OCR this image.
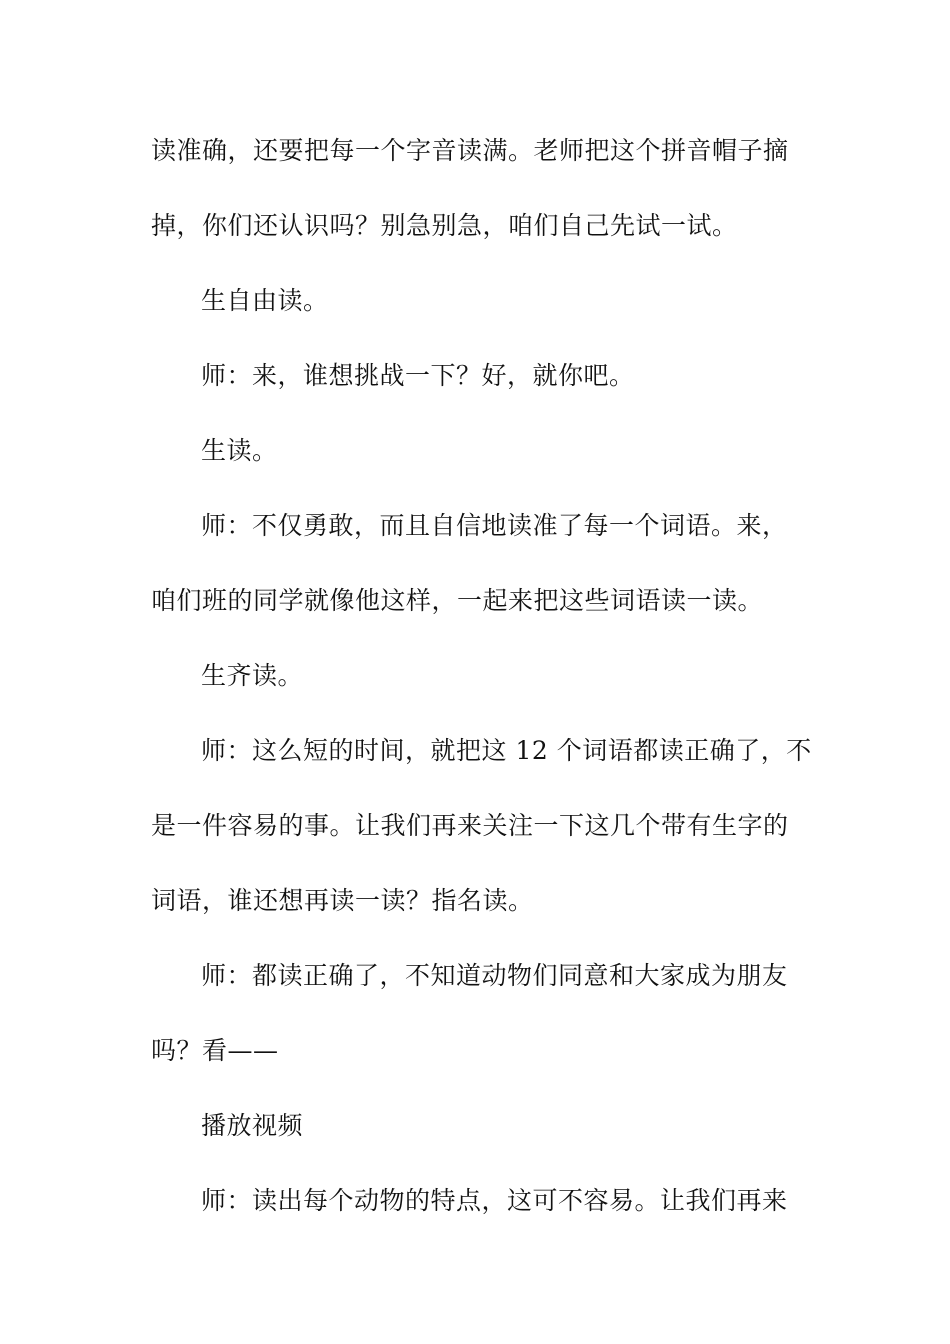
读准确，还要把每一个字音读满。老师把这个拼音帽子摘
掉，你们还认识吗？别急别急，咱们自己先试一试。
生自由读。
师：来，谁想挑战一下？好，就你吧。
生读。
师：不仅勇敢，而且自信地读准了每一个词语。来，
咱们班的同学就像他这样，一起来把这些词语读一读。
生齐读。
师：这么短的时间，就把这 12 个词语都读正确了，不
是一件容易的事。让我们再来关注一下这几个带有生字的
词语，谁还想再读一读？指名读。
师：都读正确了，不知道动物们同意和大家成为朋友
吗？看——
播放视频
师：读出每个动物的特点，这可不容易。让我们再来
